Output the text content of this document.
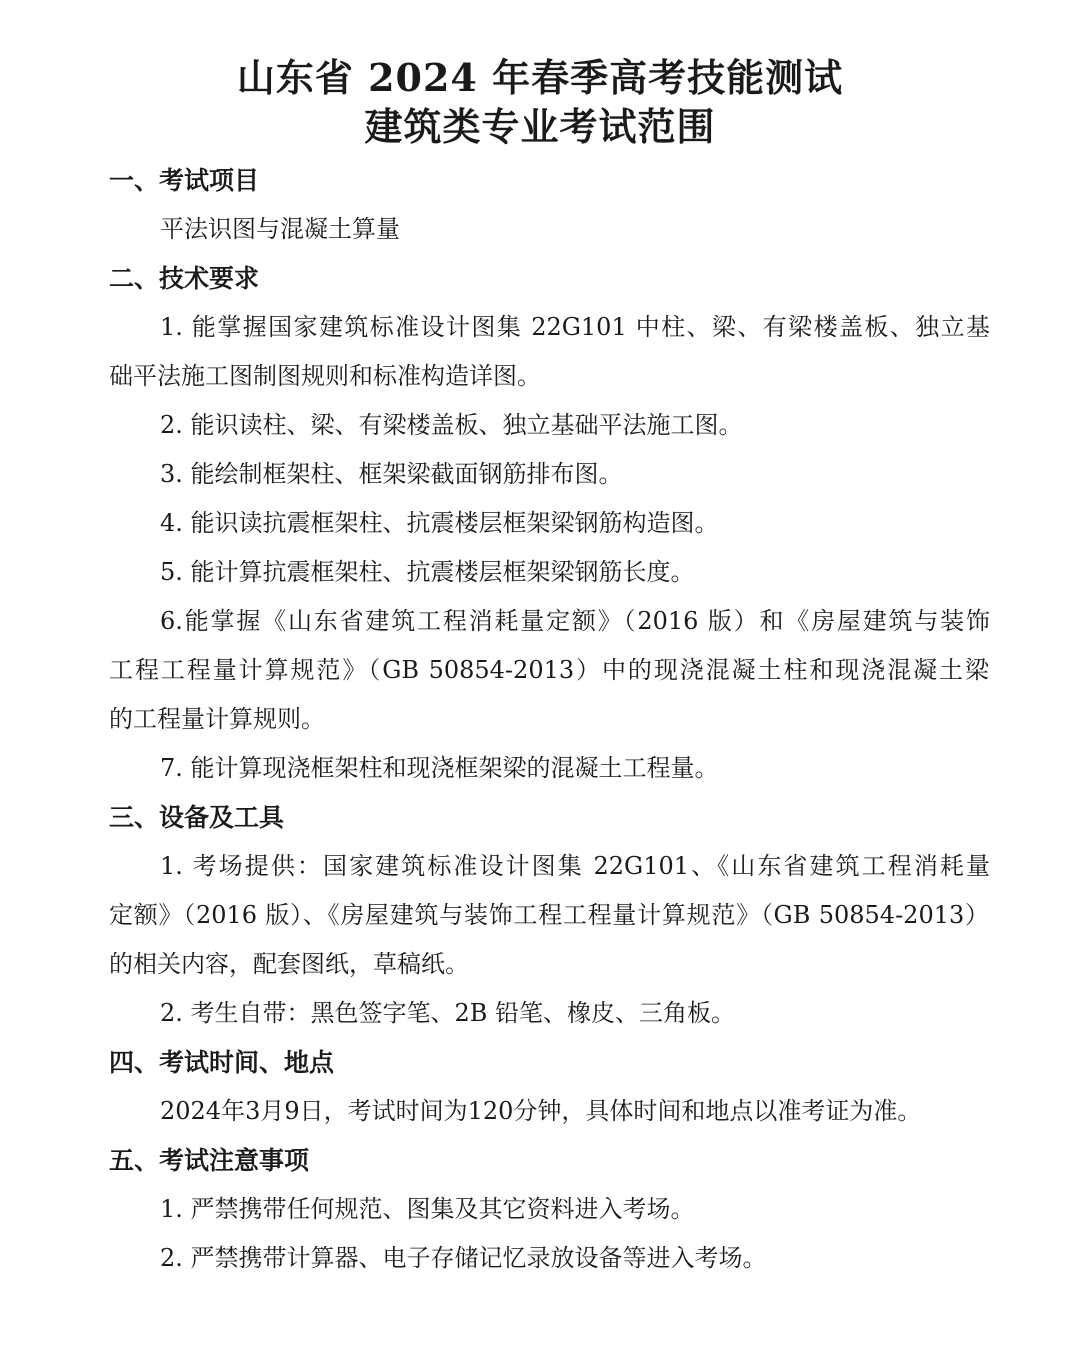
山东省 2024 年春季高考技能测试
建筑类专业考试范围
一、考试项目
平法识图与混凝土算量
二、技术要求
1. 能掌握国家建筑标准设计图集 22G101 中柱、梁、有梁楼盖板、独立基
础平法施工图制图规则和标准构造详图。
2. 能识读柱、梁、有梁楼盖板、独立基础平法施工图。
3. 能绘制框架柱、框架梁截面钢筋排布图。
4. 能识读抗震框架柱、抗震楼层框架梁钢筋构造图。
5. 能计算抗震框架柱、抗震楼层框架梁钢筋长度。
6.能掌握《山东省建筑工程消耗量定额》（2016 版）和《房屋建筑与装饰
工程工程量计算规范》（GB 50854-2013）中的现浇混凝土柱和现浇混凝土梁
的工程量计算规则。
7. 能计算现浇框架柱和现浇框架梁的混凝土工程量。
三、设备及工具
1. 考场提供：国家建筑标准设计图集 22G101、《山东省建筑工程消耗量
定额》（2016 版）、《房屋建筑与装饰工程工程量计算规范》（GB 50854-2013）
的相关内容，配套图纸，草稿纸。
2. 考生自带：黑色签字笔、2B 铅笔、橡皮、三角板。
四、考试时间、地点
2024年3月9日，考试时间为120分钟，具体时间和地点以准考证为准。
五、考试注意事项
1. 严禁携带任何规范、图集及其它资料进入考场。
2. 严禁携带计算器、电子存储记忆录放设备等进入考场。
